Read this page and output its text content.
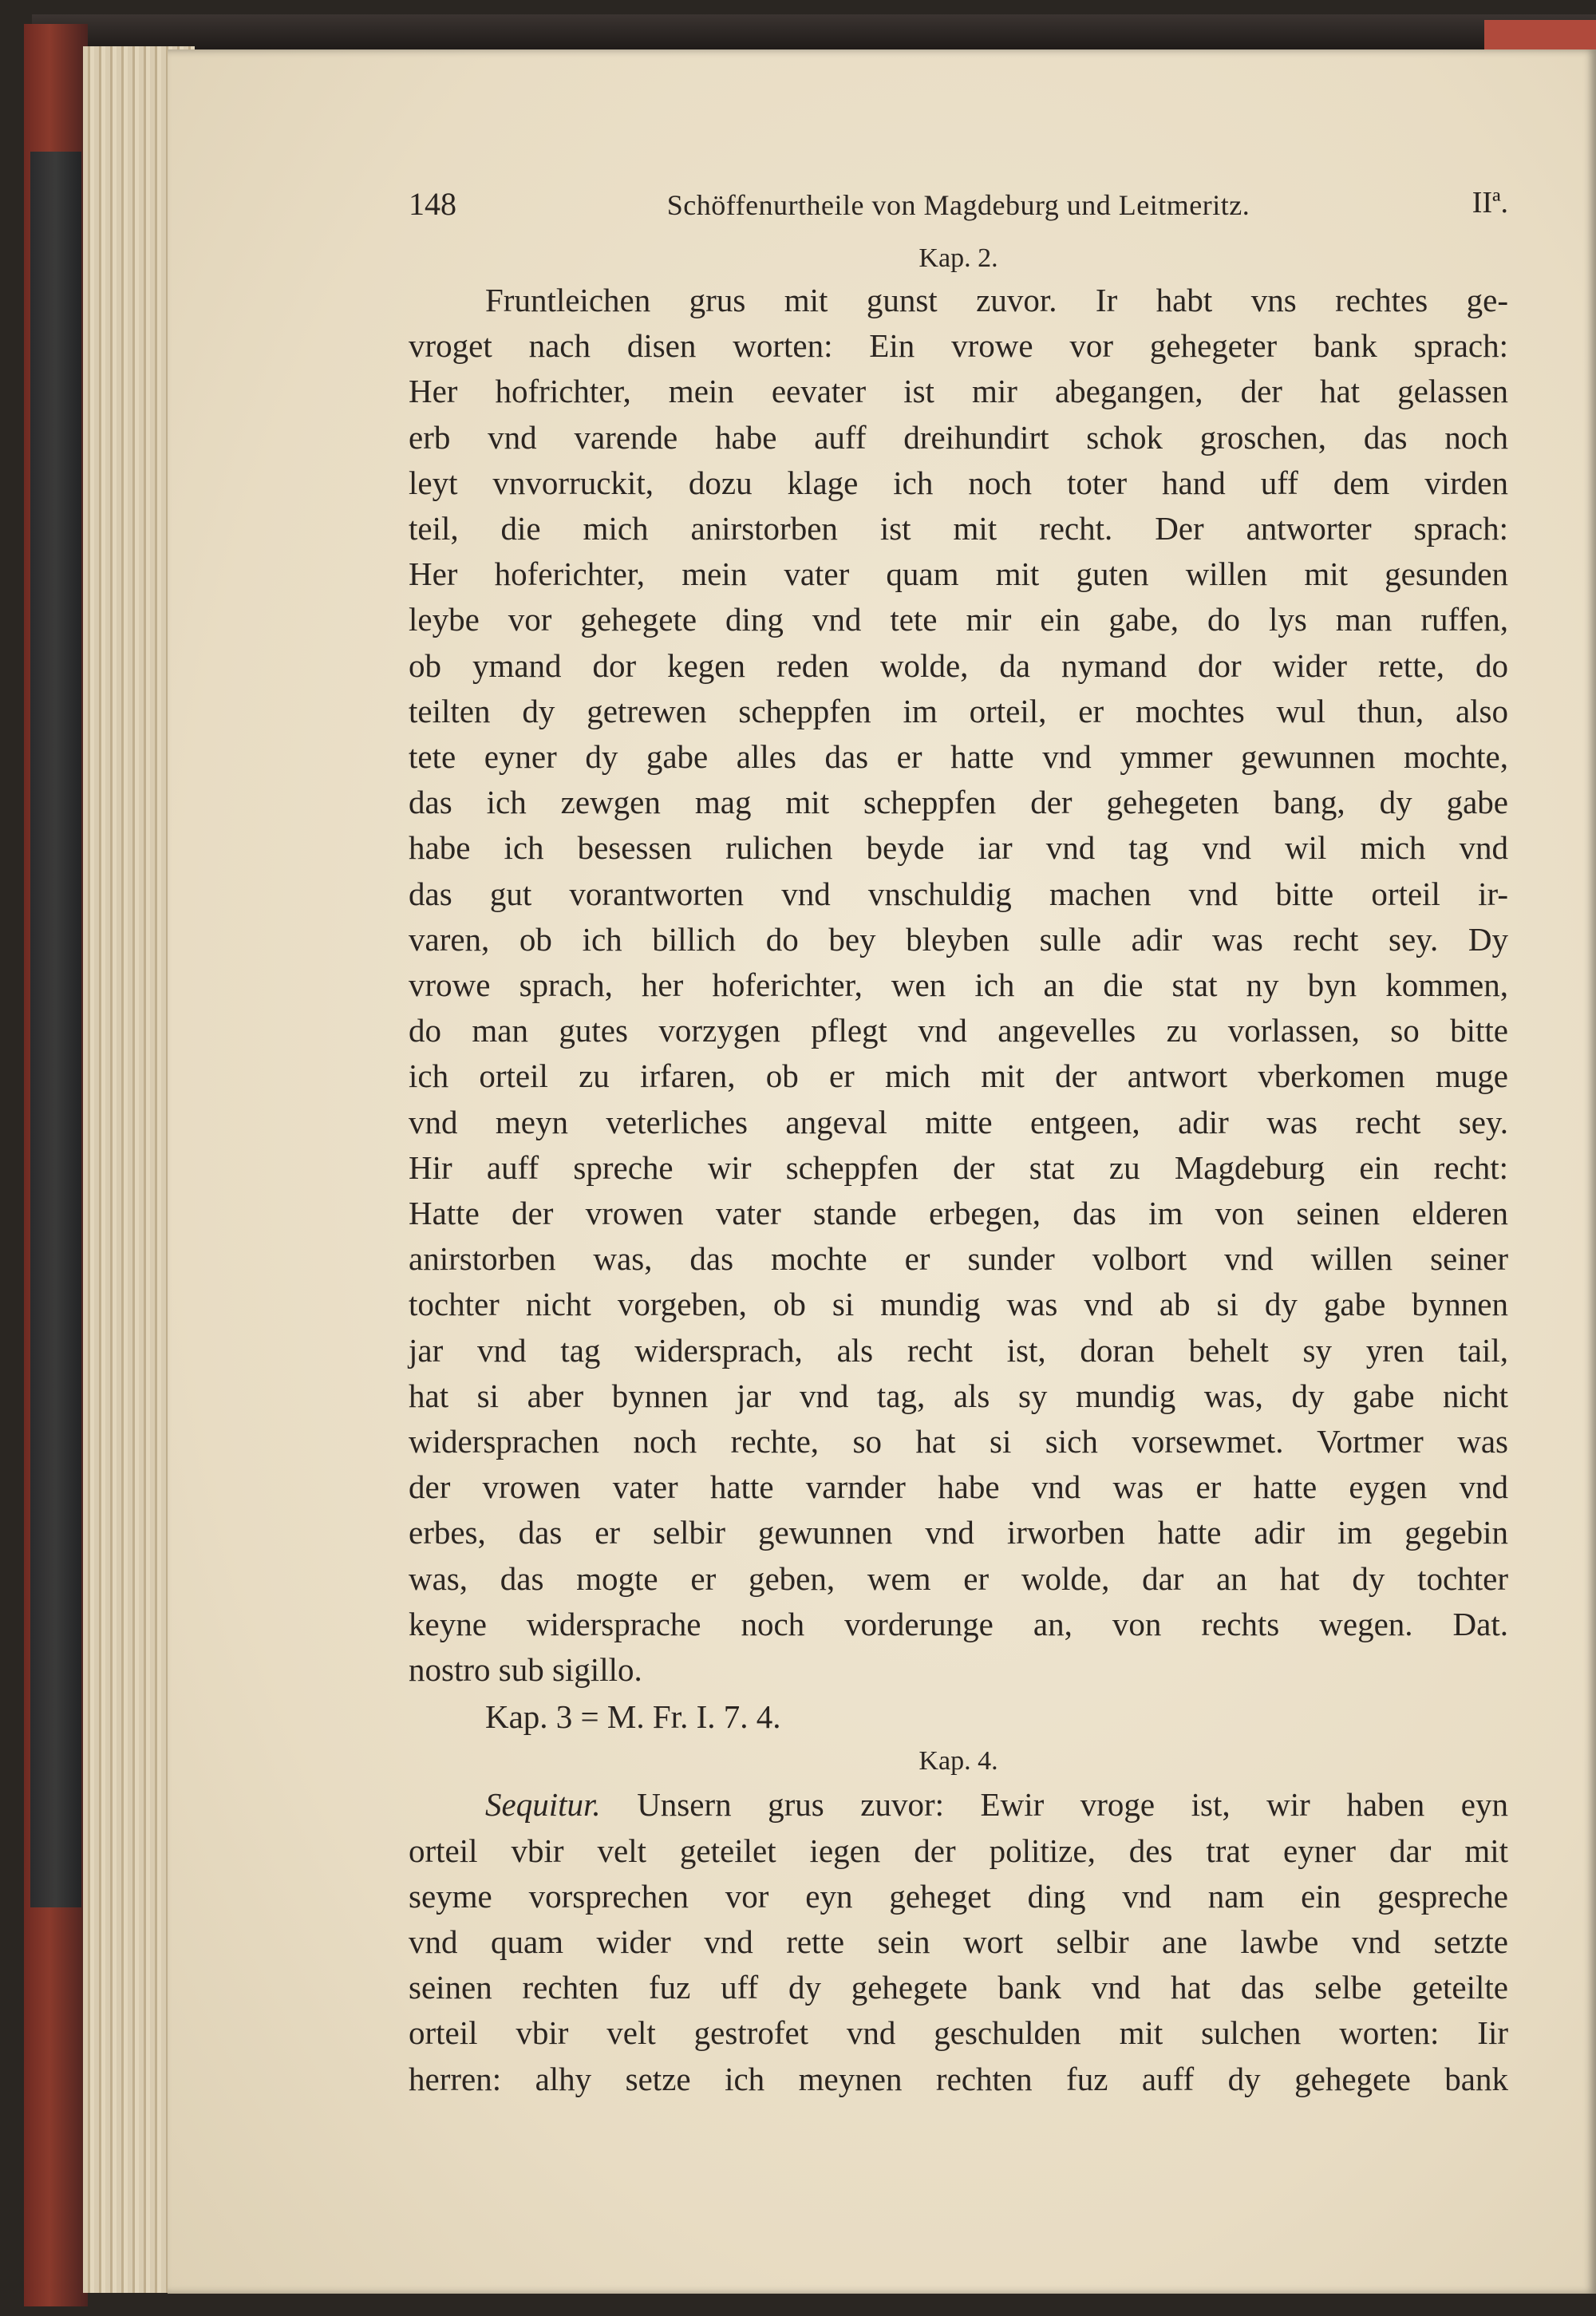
148	Schöffenurtheile von Magdeburg und Leitmeritz.	IIª.
Kap. 2.
Fruntleichen grus mit gunst zuvor. Ir habt vns rechtes ge-
vroget nach disen worten: Ein vrowe vor gehegeter bank sprach:
Her hofrichter, mein eevater ist mir abegangen, der hat gelassen
erb vnd varende habe auff dreihundirt schok groschen, das noch
leyt vnvorruckit, dozu klage ich noch toter hand uff dem virden
teil, die mich anirstorben ist mit recht. Der antworter sprach:
Her hoferichter, mein vater quam mit guten willen mit gesunden
leybe vor gehegete ding vnd tete mir ein gabe, do lys man ruffen,
ob ymand dor kegen reden wolde, da nymand dor wider rette, do
teilten dy getrewen scheppfen im orteil, er mochtes wul thun, also
tete eyner dy gabe alles das er hatte vnd ymmer gewunnen mochte,
das ich zewgen mag mit scheppfen der gehegeten bang, dy gabe
habe ich besessen rulichen beyde iar vnd tag vnd wil mich vnd
das gut vorantworten vnd vnschuldig machen vnd bitte orteil ir-
varen, ob ich billich do bey bleyben sulle adir was recht sey. Dy
vrowe sprach, her hoferichter, wen ich an die stat ny byn kommen,
do man gutes vorzygen pflegt vnd angevelles zu vorlassen, so bitte
ich orteil zu irfaren, ob er mich mit der antwort vberkomen muge
vnd meyn veterliches angeval mitte entgeen, adir was recht sey.
Hir auff spreche wir scheppfen der stat zu Magdeburg ein recht:
Hatte der vrowen vater stande erbegen, das im von seinen elderen
anirstorben was, das mochte er sunder volbort vnd willen seiner
tochter nicht vorgeben, ob si mundig was vnd ab si dy gabe bynnen
jar vnd tag widersprach, als recht ist, doran behelt sy yren tail,
hat si aber bynnen jar vnd tag, als sy mundig was, dy gabe nicht
widersprachen noch rechte, so hat si sich vorsewmet. Vortmer was
der vrowen vater hatte varnder habe vnd was er hatte eygen vnd
erbes, das er selbir gewunnen vnd irworben hatte adir im gegebin
was, das mogte er geben, wem er wolde, dar an hat dy tochter
keyne widersprache noch vorderunge an, von rechts wegen. Dat.
nostro sub sigillo.
Kap. 3 = M. Fr. I. 7. 4.
Kap. 4.
Sequitur. Unsern grus zuvor: Ewir vroge ist, wir haben eyn
orteil vbir velt geteilet iegen der politize, des trat eyner dar mit
seyme vorsprechen vor eyn geheget ding vnd nam ein gespreche
vnd quam wider vnd rette sein wort selbir ane lawbe vnd setzte
seinen rechten fuz uff dy gehegete bank vnd hat das selbe geteilte
orteil vbir velt gestrofet vnd geschulden mit sulchen worten: Iir
herren: alhy setze ich meynen rechten fuz auff dy gehegete bank
